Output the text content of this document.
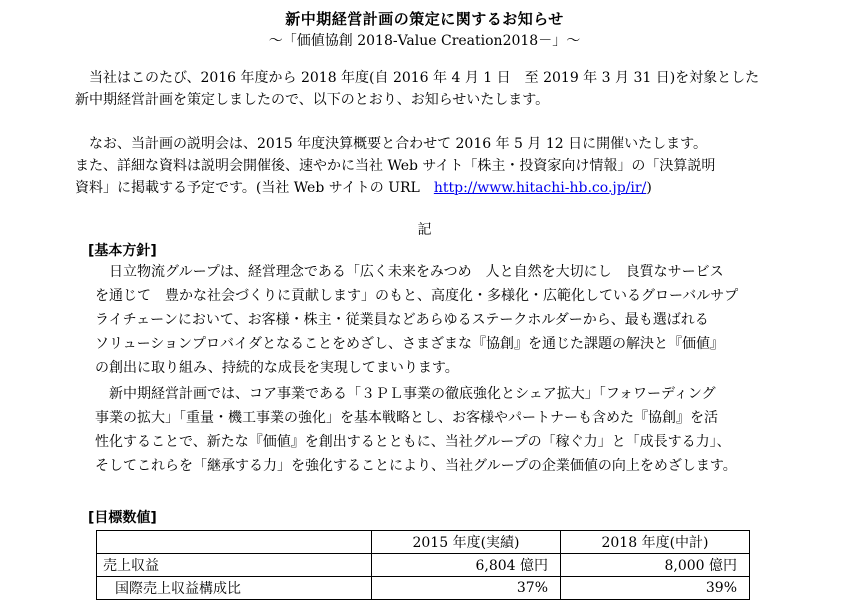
新中期経営計画の策定に関するお知らせ
～「価値協創 2018-Value Creation2018－」～

当社はこのたび、2016 年度から 2018 年度(自 2016 年 4 月 1 日　至 2019 年 3 月 31 日)を対象とした

新中期経営計画を策定しましたので、以下のとおり、お知らせいたします。

なお、当計画の説明会は、2015 年度決算概要と合わせて 2016 年 5 月 12 日に開催いたします。

また、詳細な資料は説明会開催後、速やかに当社 Web サイト「株主・投資家向け情報」の「決算説明

資料」に掲載する予定です。(当社 Web サイトの URL　http://www.hitachi-hb.co.jp/ir/)

記
[基本方針]

日立物流グループは、経営理念である「広く未来をみつめ　人と自然を大切にし　良質なサービス

を通じて　豊かな社会づくりに貢献します」のもと、高度化・多様化・広範化しているグローバルサプ

ライチェーンにおいて、お客様・株主・従業員などあらゆるステークホルダーから、最も選ばれる

ソリューションプロバイダとなることをめざし、さまざまな『協創』を通じた課題の解決と『価値』

の創出に取り組み、持続的な成長を実現してまいります。

新中期経営計画では、コア事業である「３ＰＬ事業の徹底強化とシェア拡大」「フォワーディング

事業の拡大」「重量・機工事業の強化」を基本戦略とし、お客様やパートナーも含めた『協創』を活

性化することで、新たな『価値』を創出するとともに、当社グループの「稼ぐ力」と「成長する力」、

そしてこれらを「継承する力」を強化することにより、当社グループの企業価値の向上をめざします。

[目標数値]
	2015 年度(実績)	2018 年度(中計)
売上収益	6,804 億円	8,000 億円
国際売上収益構成比	37%	39%
